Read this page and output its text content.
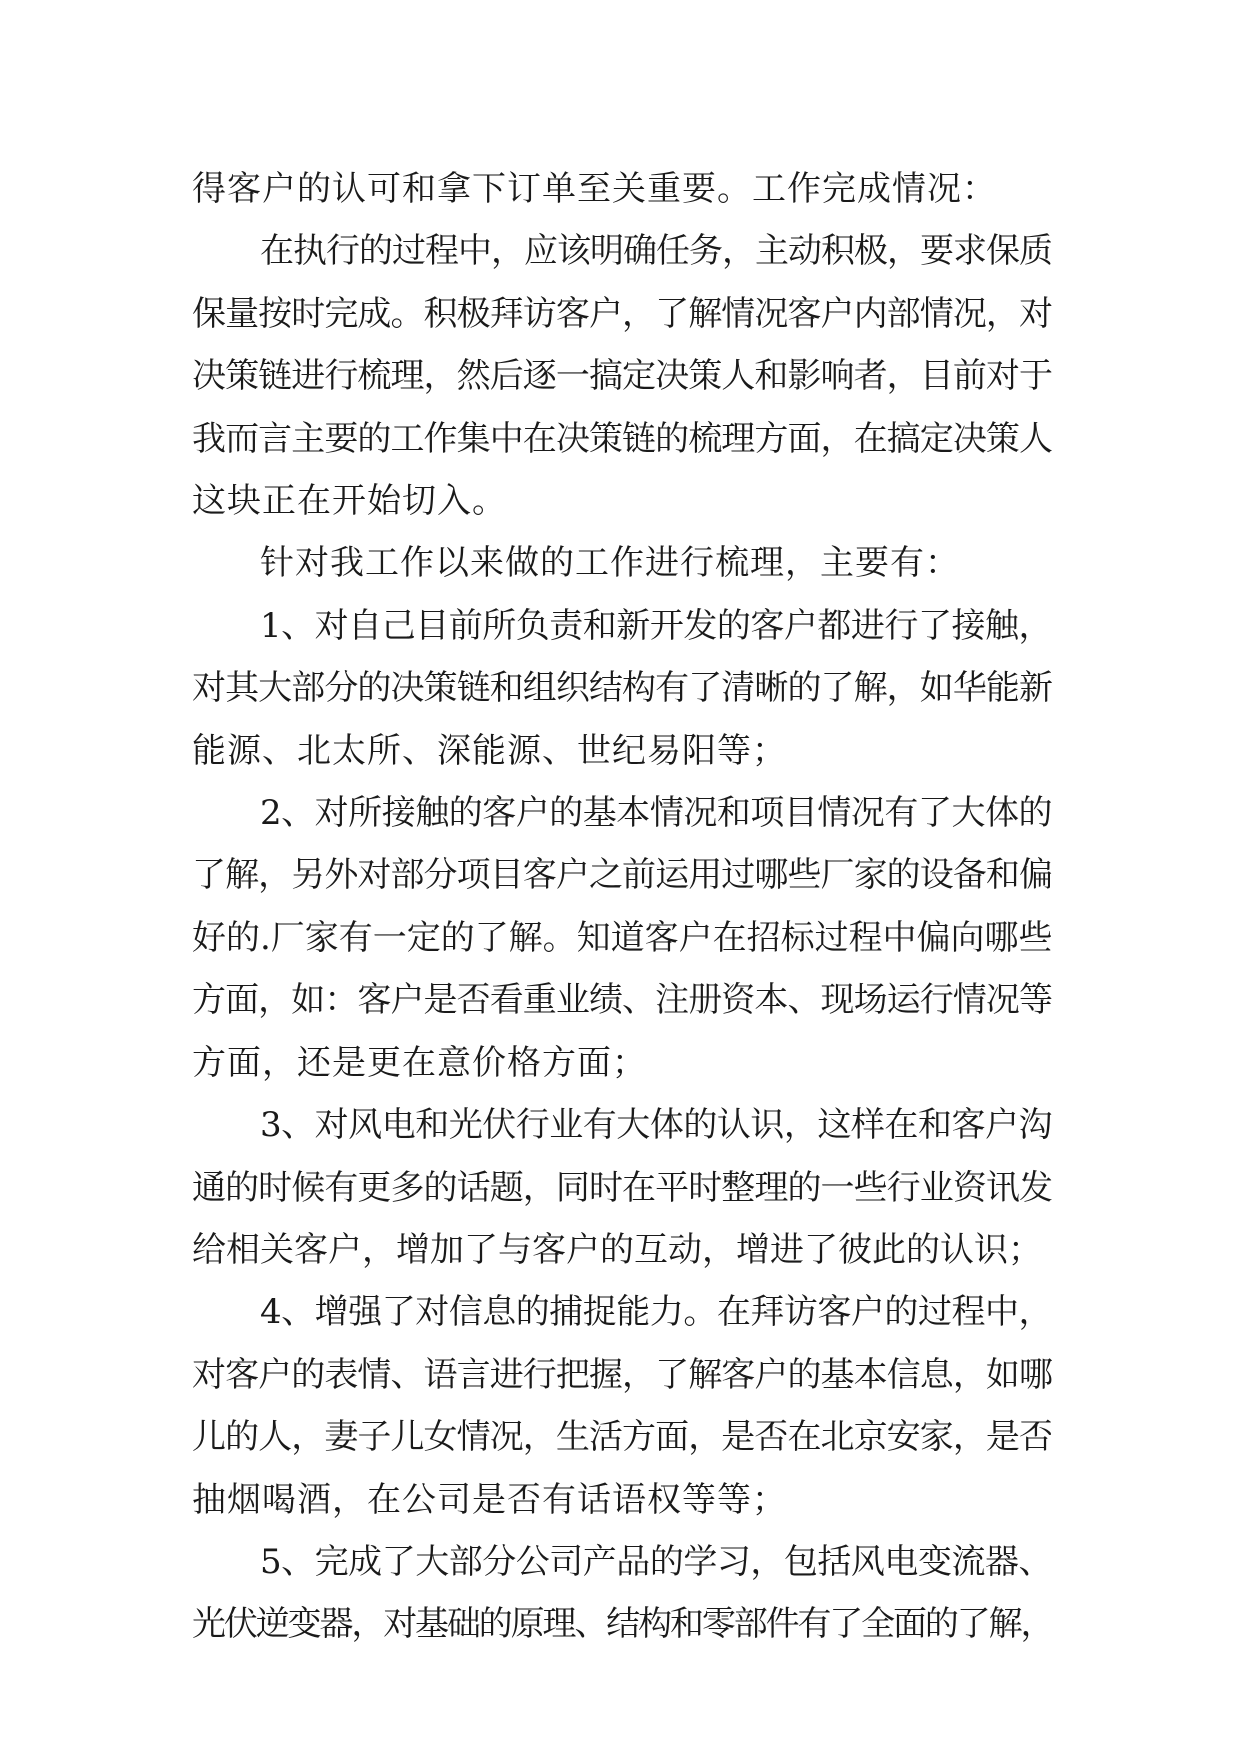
得客户的认可和拿下订单至关重要。工作完成情况：
在执行的过程中，应该明确任务，主动积极，要求保质
保量按时完成。积极拜访客户，了解情况客户内部情况，对
决策链进行梳理，然后逐一搞定决策人和影响者，目前对于
我而言主要的工作集中在决策链的梳理方面，在搞定决策人
这块正在开始切入。
针对我工作以来做的工作进行梳理，主要有：
1、对自己目前所负责和新开发的客户都进行了接触，
对其大部分的决策链和组织结构有了清晰的了解，如华能新
能源、北太所、深能源、世纪易阳等；
2、对所接触的客户的基本情况和项目情况有了大体的
了解，另外对部分项目客户之前运用过哪些厂家的设备和偏
好的.厂家有一定的了解。知道客户在招标过程中偏向哪些
方面，如：客户是否看重业绩、注册资本、现场运行情况等
方面，还是更在意价格方面；
3、对风电和光伏行业有大体的认识，这样在和客户沟
通的时候有更多的话题，同时在平时整理的一些行业资讯发
给相关客户，增加了与客户的互动，增进了彼此的认识；
4、增强了对信息的捕捉能力。在拜访客户的过程中，
对客户的表情、语言进行把握，了解客户的基本信息，如哪
儿的人，妻子儿女情况，生活方面，是否在北京安家，是否
抽烟喝酒，在公司是否有话语权等等；
5、完成了大部分公司产品的学习，包括风电变流器、
光伏逆变器，对基础的原理、结构和零部件有了全面的了解，
